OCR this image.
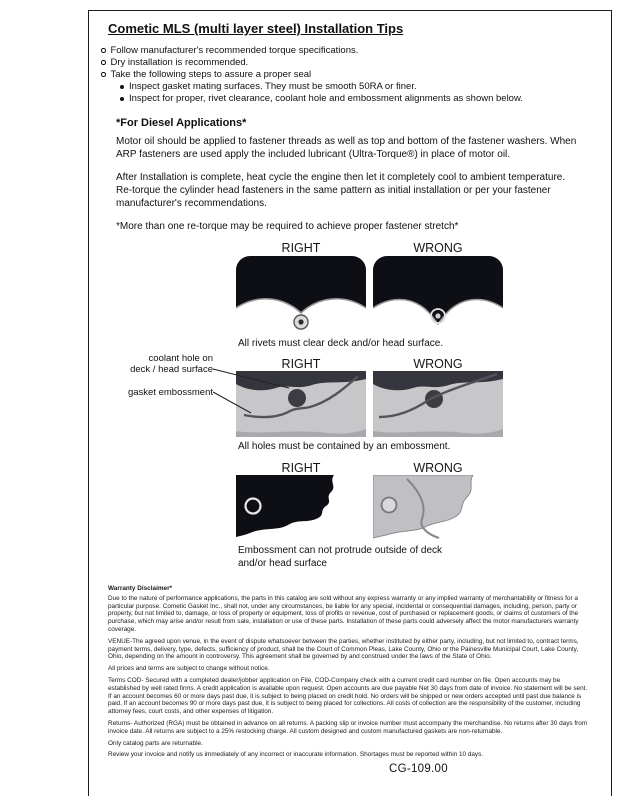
Cometic MLS (multi layer steel) Installation Tips
Follow manufacturer's recommended torque specifications.
Dry installation is recommended.
Take the following steps to assure a proper seal
Inspect gasket mating surfaces. They must be smooth 50RA or finer.
Inspect for proper, rivet clearance, coolant hole and embossment alignments as shown below.
*For Diesel Applications*

Motor oil should be applied to fastener threads as well as top and bottom of the fastener washers. When ARP fasteners are used apply the included lubricant (Ultra-Torque®) in place of motor oil.

After Installation is complete, heat cycle the engine then let it completely cool to ambient temperature. Re-torque the cylinder head fasteners in the same pattern as initial installation or per your fastener manufacturer's recommendations.

*More than one re-torque may be required to achieve proper fastener stretch*

RIGHT	WRONG
All rivets must clear deck and/or head surface.
RIGHT	WRONG
coolant hole on
deck / head surface
gasket embossment
All holes must be contained by an embossment.
RIGHT	WRONG
Embossment can not protrude outside of deck and/or head surface

Warranty Disclaimer*

Due to the nature of performance applications, the parts in this catalog are sold without any express warranty or any implied warranty of merchantability or fitness for a particular purpose. Cometic Gasket Inc., shall not, under any circumstances, be liable for any special, incidental or consequential damages, including, person, party or property, but not limited to, damage, or loss of property or equipment, loss of profits or revenue, cost of purchased or replacement goods, or claims of customers of the purchase, which may arise and/or result from sale, installation or use of these parts. Installation of these parts could adversely affect the motor manufacturers warranty coverage.

VENUE-The agreed upon venue, in the event of dispute whatsoever between the parties, whether instituted by either party, including, but not limited to, contract terms, payment terms, delivery, type, defects, sufficiency of product, shall be the Court of Common Pleas, Lake County, Ohio or the Painesville Municipal Court, Lake County, Ohio, depending on the amount in controversy. This agreement shall be governed by and construed under the laws of the State of Ohio.

All prices and terms are subject to change without notice.

Terms COD- Secured with a completed dealer/jobber application on File, COD-Company check with a current credit card number on file. Open accounts may be established by well rated firms. A credit application is available upon request. Open accounts are due payable Net 30 days from date of invoice. No statement will be sent. If an account becomes 60 or more days past due, it is subject to being placed on credit hold. No orders will be shipped or new orders accepted until past due balance is paid. If an account becomes 90 or more days past due, it is subject to being placed for collections. All costs of collection are the responsibility of the customer, including attorney fees, court costs, and other expenses of litigation.

Returns- Authorized (RGA) must be obtained in advance on all returns. A packing slip or invoice number must accompany the merchandise. No returns after 30 days from invoice date. All returns are subject to a 25% restocking charge. All custom designed and custom manufactured gaskets are non-returnable.

Only catalog parts are returnable.

Review your invoice and notify us immediately of any incorrect or inaccurate information. Shortages must be reported within 10 days.

CG-109.00
